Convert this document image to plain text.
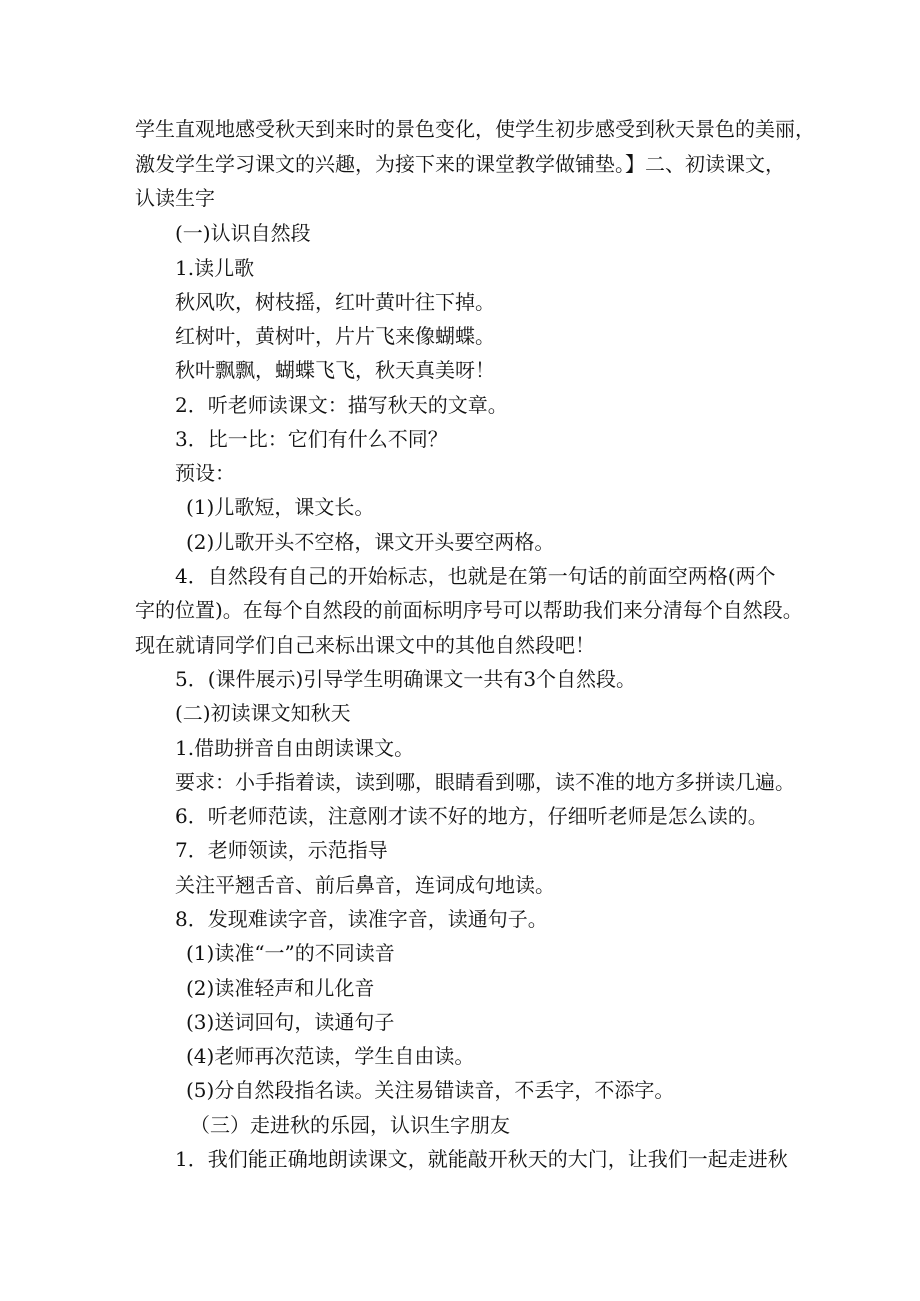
学生直观地感受秋天到来时的景色变化，使学生初步感受到秋天景色的美丽，

激发学生学习课文的兴趣，为接下来的课堂教学做铺垫。】二、初读课文，

认读生字

(一)认识自然段

1.读儿歌

秋风吹，树枝摇，红叶黄叶往下掉。

红树叶，黄树叶，片片飞来像蝴蝶。

秋叶飘飘，蝴蝶飞飞，秋天真美呀！

2．听老师读课文：描写秋天的文章。

3．比一比：它们有什么不同？

预设：

(1)儿歌短，课文长。

(2)儿歌开头不空格，课文开头要空两格。

4．自然段有自己的开始标志，也就是在第一句话的前面空两格(两个

字的位置)。在每个自然段的前面标明序号可以帮助我们来分清每个自然段。

现在就请同学们自己来标出课文中的其他自然段吧！

5．(课件展示)引导学生明确课文一共有3个自然段。

(二)初读课文知秋天

1.借助拼音自由朗读课文。

要求：小手指着读，读到哪，眼睛看到哪，读不准的地方多拼读几遍。

6．听老师范读，注意刚才读不好的地方，仔细听老师是怎么读的。

7．老师领读，示范指导

关注平翘舌音、前后鼻音，连词成句地读。

8．发现难读字音，读准字音，读通句子。

(1)读准“一”的不同读音

(2)读准轻声和儿化音

(3)送词回句，读通句子

(4)老师再次范读，学生自由读。

(5)分自然段指名读。关注易错读音，不丢字，不添字。

（三）走进秋的乐园，认识生字朋友

1．我们能正确地朗读课文，就能敲开秋天的大门，让我们一起走进秋
